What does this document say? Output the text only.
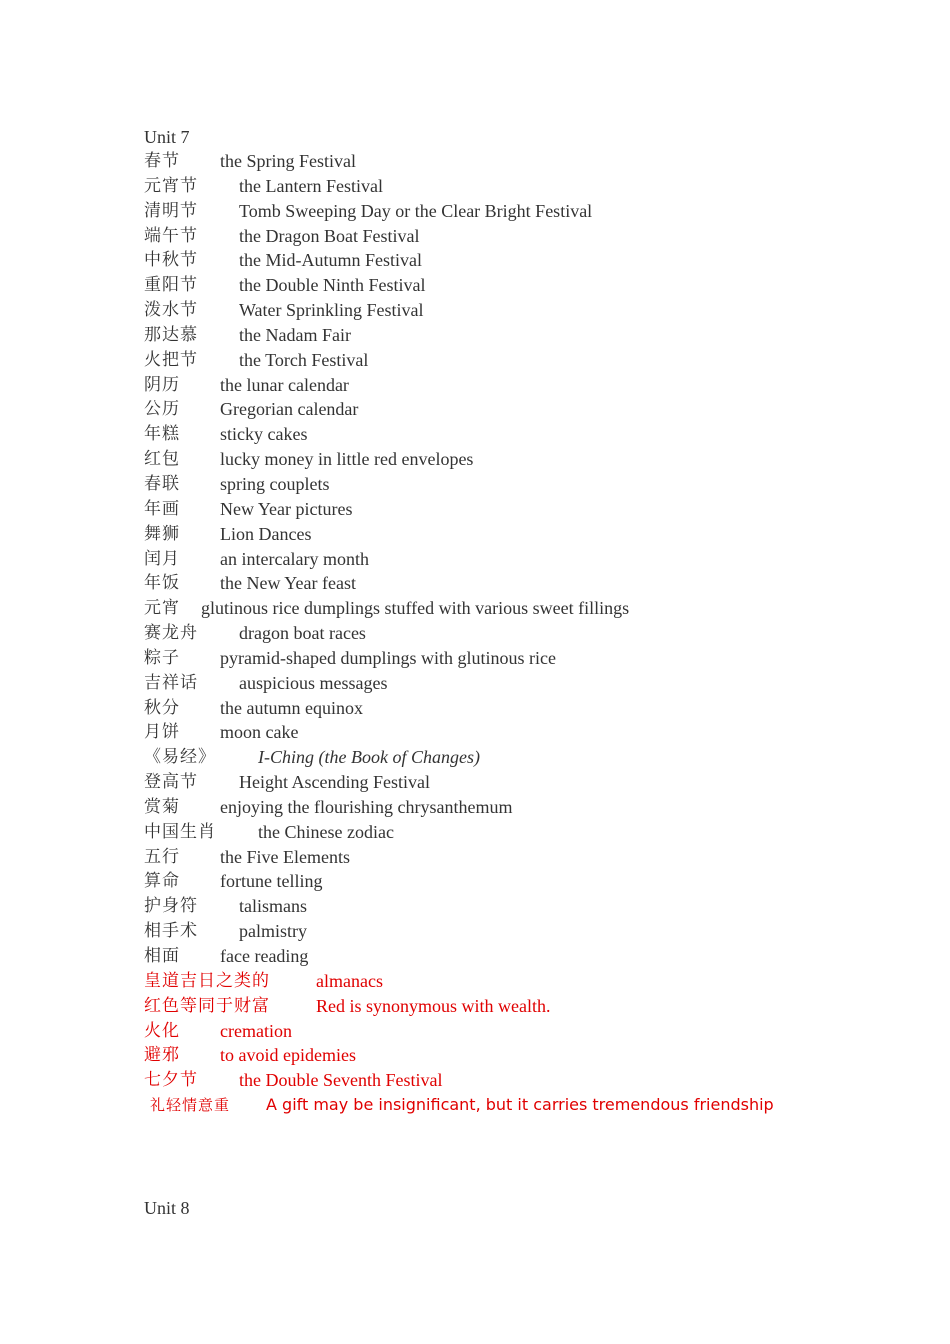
Unit 7
春节 the Spring Festival
元宵节 the Lantern Festival
清明节 Tomb Sweeping Day or the Clear Bright Festival
端午节 the Dragon Boat Festival
中秋节 the Mid-Autumn Festival
重阳节 the Double Ninth Festival
泼水节 Water Sprinkling Festival
那达慕 the Nadam Fair
火把节 the Torch Festival
阴历 the lunar calendar
公历 Gregorian calendar
年糕 sticky cakes
红包 lucky money in little red envelopes
春联 spring couplets
年画 New Year pictures
舞狮 Lion Dances
闰月 an intercalary month
年饭 the New Year feast
元宵 glutinous rice dumplings stuffed with various sweet fillings
赛龙舟 dragon boat races
粽子 pyramid-shaped dumplings with glutinous rice
吉祥话 auspicious messages
秋分 the autumn equinox
月饼 moon cake
《易经》 I-Ching (the Book of Changes)
登高节 Height Ascending Festival
赏菊 enjoying the flourishing chrysanthemum
中国生肖 the Chinese zodiac
五行 the Five Elements
算命 fortune telling
护身符 talismans
相手术 palmistry
相面 face reading
皇道吉日之类的	almanacs
红色等同于财富	Red is synonymous with wealth.
火化 cremation
避邪 to avoid epidemies
七夕节 the Double Seventh Festival
礼轻情意重 A gift may be insignificant, but it carries tremendous friendship
Unit 8
